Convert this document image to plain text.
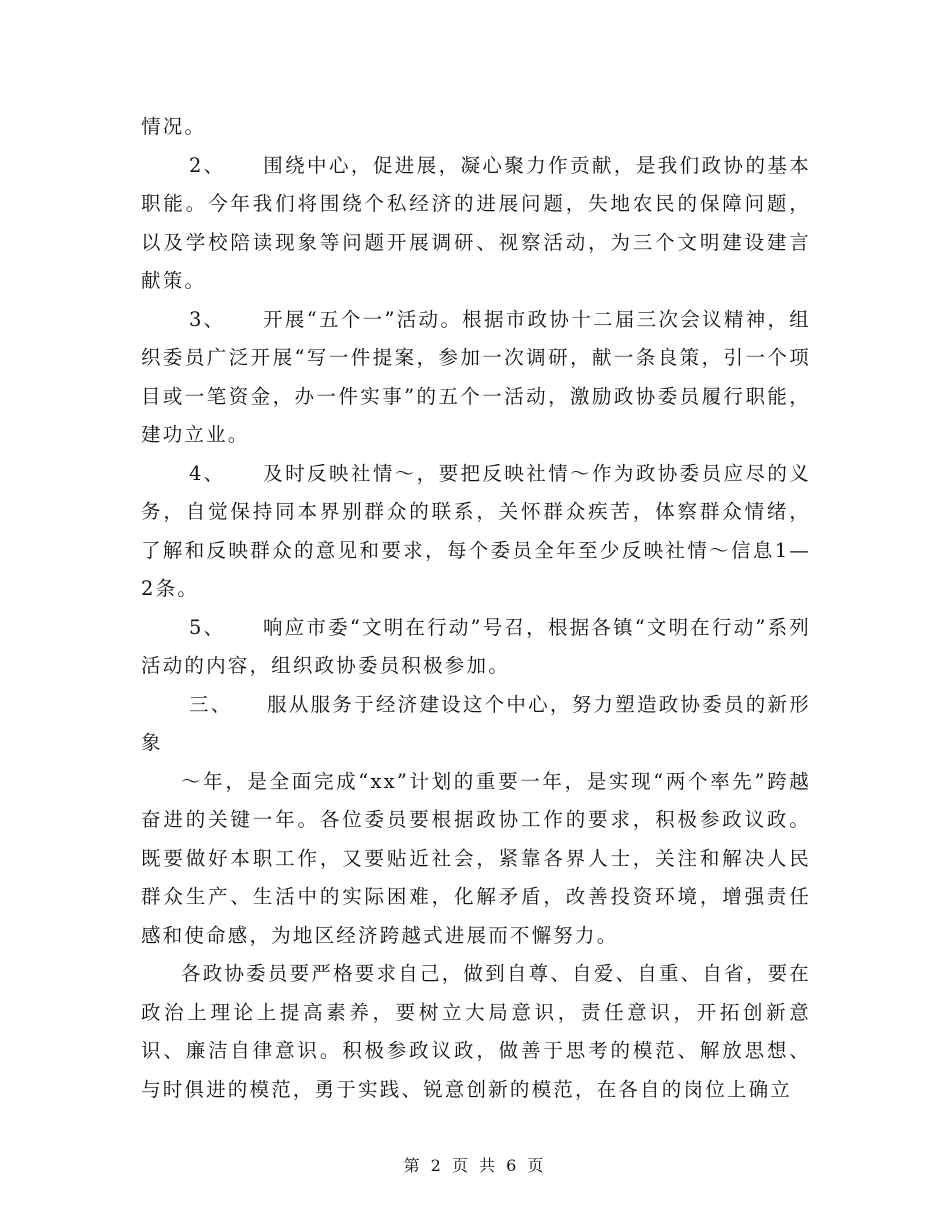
情况。

2、 围绕中心，促进展，凝心聚力作贡献，是我们政协的基本职能。今年我们将围绕个私经济的进展问题，失地农民的保障问题，以及学校陪读现象等问题开展调研、视察活动，为三个文明建设建言献策。

3、 开展“五个一”活动。根据市政协十二届三次会议精神，组织委员广泛开展“写一件提案，参加一次调研，献一条良策，引一个项目或一笔资金，办一件实事”的五个一活动，激励政协委员履行职能，建功立业。

4、 及时反映社情～，要把反映社情～作为政协委员应尽的义务，自觉保持同本界别群众的联系，关怀群众疾苦，体察群众情绪，了解和反映群众的意见和要求，每个委员全年至少反映社情～信息1—2条。

5、 响应市委“文明在行动”号召，根据各镇“文明在行动”系列活动的内容，组织政协委员积极参加。

三、 服从服务于经济建设这个中心，努力塑造政协委员的新形象

～年，是全面完成“xx”计划的重要一年，是实现“两个率先”跨越奋进的关键一年。各位委员要根据政协工作的要求，积极参政议政。既要做好本职工作，又要贴近社会，紧靠各界人士，关注和解决人民群众生产、生活中的实际困难，化解矛盾，改善投资环境，增强责任感和使命感，为地区经济跨越式进展而不懈努力。

各政协委员要严格要求自己，做到自尊、自爱、自重、自省，要在政治上理论上提高素养，要树立大局意识，责任意识，开拓创新意识、廉洁自律意识。积极参政议政，做善于思考的模范、解放思想、与时俱进的模范，勇于实践、锐意创新的模范，在各自的岗位上确立

第 2 页 共 6 页
